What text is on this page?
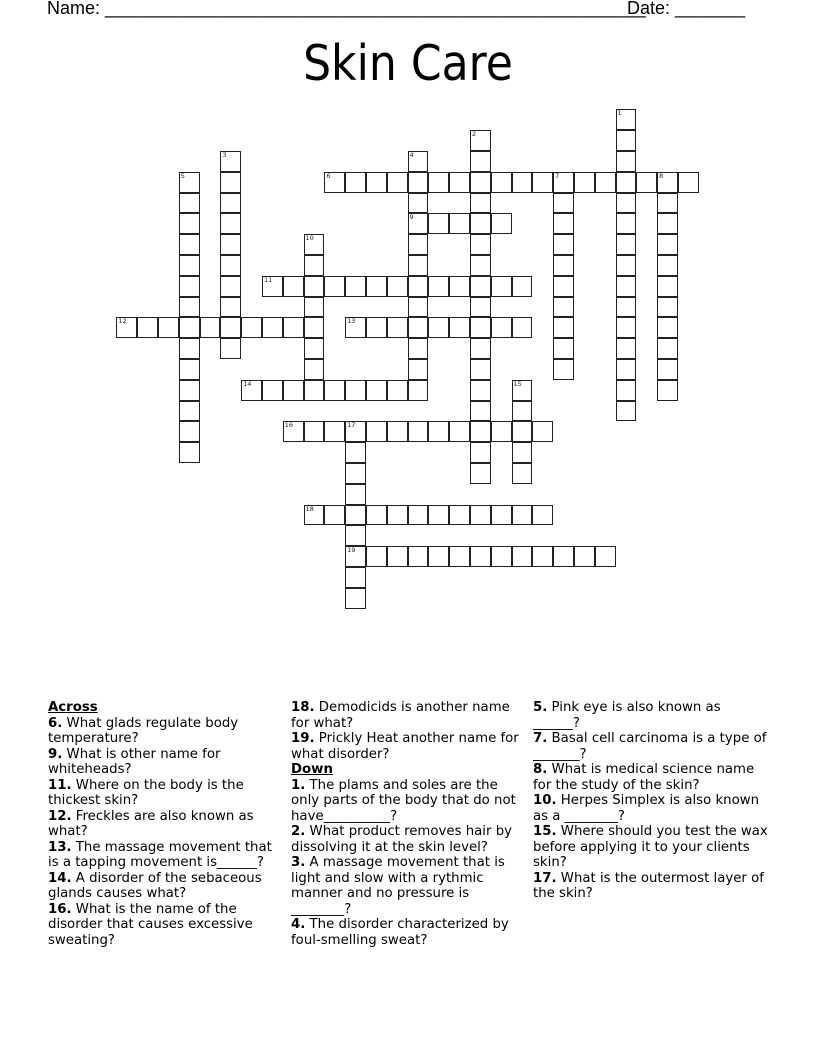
Name: ______________________________________________________
Date: _______
Skin Care
1
2
3	4
9
5	6	7	8
10
11
12	13
14	15
16	17
19
18

Across

6. What glads regulate body temperature?

9. What is other name for whiteheads?

11. Where on the body is the thickest skin?

12. Freckles are also known as what?

13. The massage movement that is a tapping movement is______?

14. A disorder of the sebaceous glands causes what?

16. What is the name of the disorder that causes excessive sweating?

18. Demodicids is another name for what?

19. Prickly Heat another name for what disorder?

Down

1. The plams and soles are the only parts of the body that do not have__________?

2. What product removes hair by dissolving it at the skin level?

3. A massage movement that is light and slow with a rythmic manner and no pressure is ________?

4. The disorder characterized by foul-smelling sweat?

5. Pink eye is also known as ______?

7. Basal cell carcinoma is a type of _______?

8. What is medical science name for the study of the skin?

10. Herpes Simplex is also known as a ________?

15. Where should you test the wax before applying it to your clients skin?

17. What is the outermost layer of the skin?
